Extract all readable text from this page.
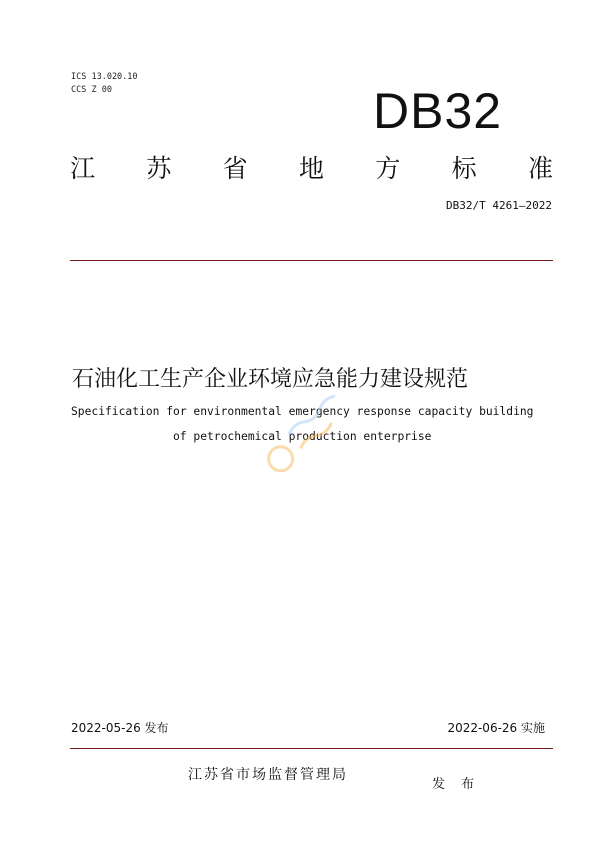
ICS 13.020.10
CCS Z 00	DB32
江 苏 省 地 方 标 准
DB32/T 4261—2022
石油化工生产企业环境应急能力建设规范
Specification for environmental emergency response capacity building
of petrochemical production enterprise
2022-05-26 发布	2022-06-26 实施
江苏省市场监督管理局
发 布
